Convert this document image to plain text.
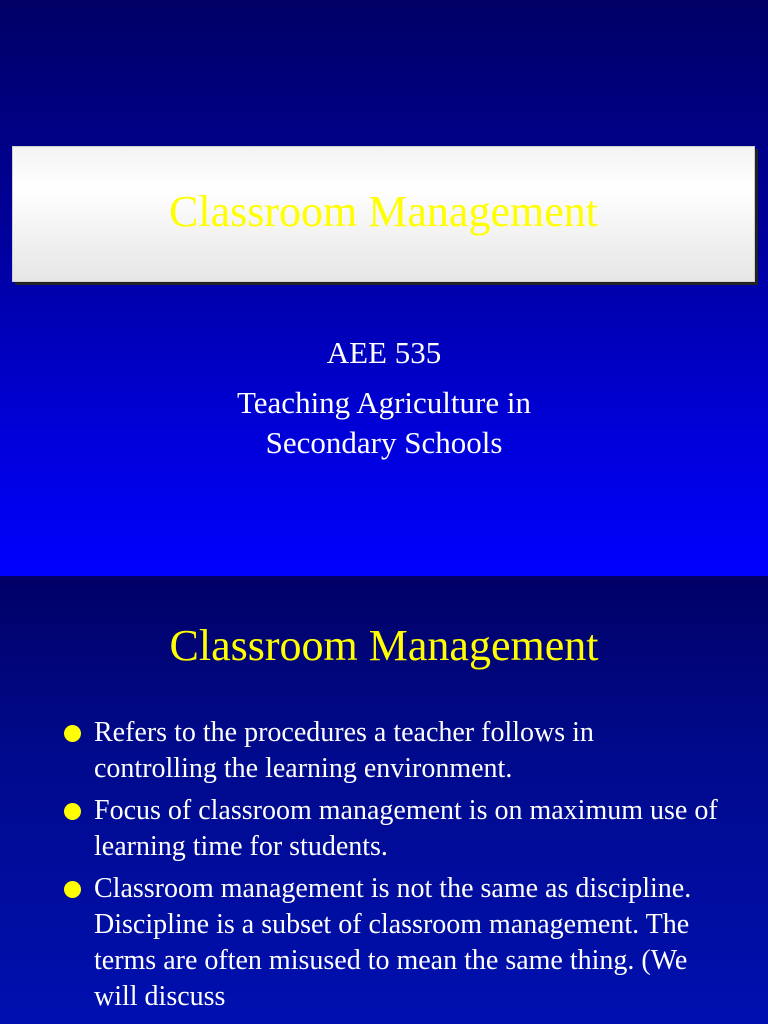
Classroom Management
AEE 535
Teaching Agriculture in
Secondary Schools
Classroom Management
Refers to the procedures a teacher follows in controlling the learning environment.
Focus of classroom management is on maximum use of learning time for students.
Classroom management is not the same as discipline. Discipline is a subset of classroom management. The terms are often misused to mean the same thing. (We will discuss
